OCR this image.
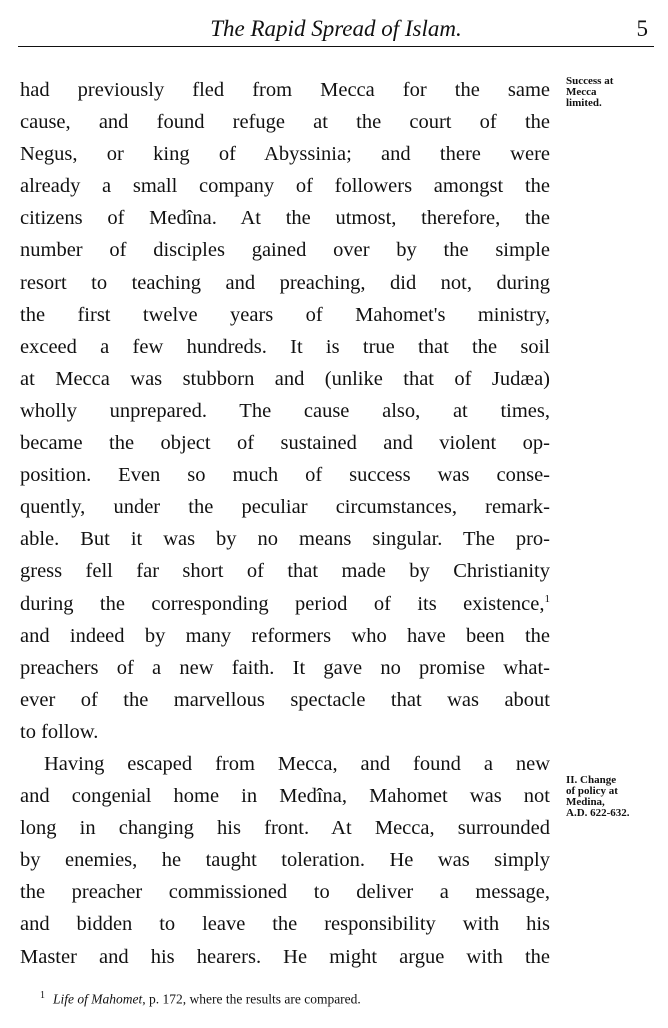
The Rapid Spread of Islam.	5
had previously fled from Mecca for the same
cause, and found refuge at the court of the
Negus, or king of Abyssinia; and there were
already a small company of followers amongst the
citizens of Medîna. At the utmost, therefore, the
number of disciples gained over by the simple
resort to teaching and preaching, did not, during
the first twelve years of Mahomet's ministry,
exceed a few hundreds. It is true that the soil
at Mecca was stubborn and (unlike that of Judæa)
wholly unprepared. The cause also, at times,
became the object of sustained and violent op-
position. Even so much of success was conse-
quently, under the peculiar circumstances, remark-
able. But it was by no means singular. The pro-
gress fell far short of that made by Christianity
during the corresponding period of its existence,$^1$
and indeed by many reformers who have been the
preachers of a new faith. It gave no promise what-
ever of the marvellous spectacle that was about
to follow.
Having escaped from Mecca, and found a new
and congenial home in Medîna, Mahomet was not
long in changing his front. At Mecca, surrounded
by enemies, he taught toleration. He was simply
the preacher commissioned to deliver a message,
and bidden to leave the responsibility with his
Master and his hearers. He might argue with the
Success at
Mecca
limited.
II. Change
of policy at
Medina,
A.D. 622-632.
$^1$ Life of Mahomet, p. 172, where the results are compared.
